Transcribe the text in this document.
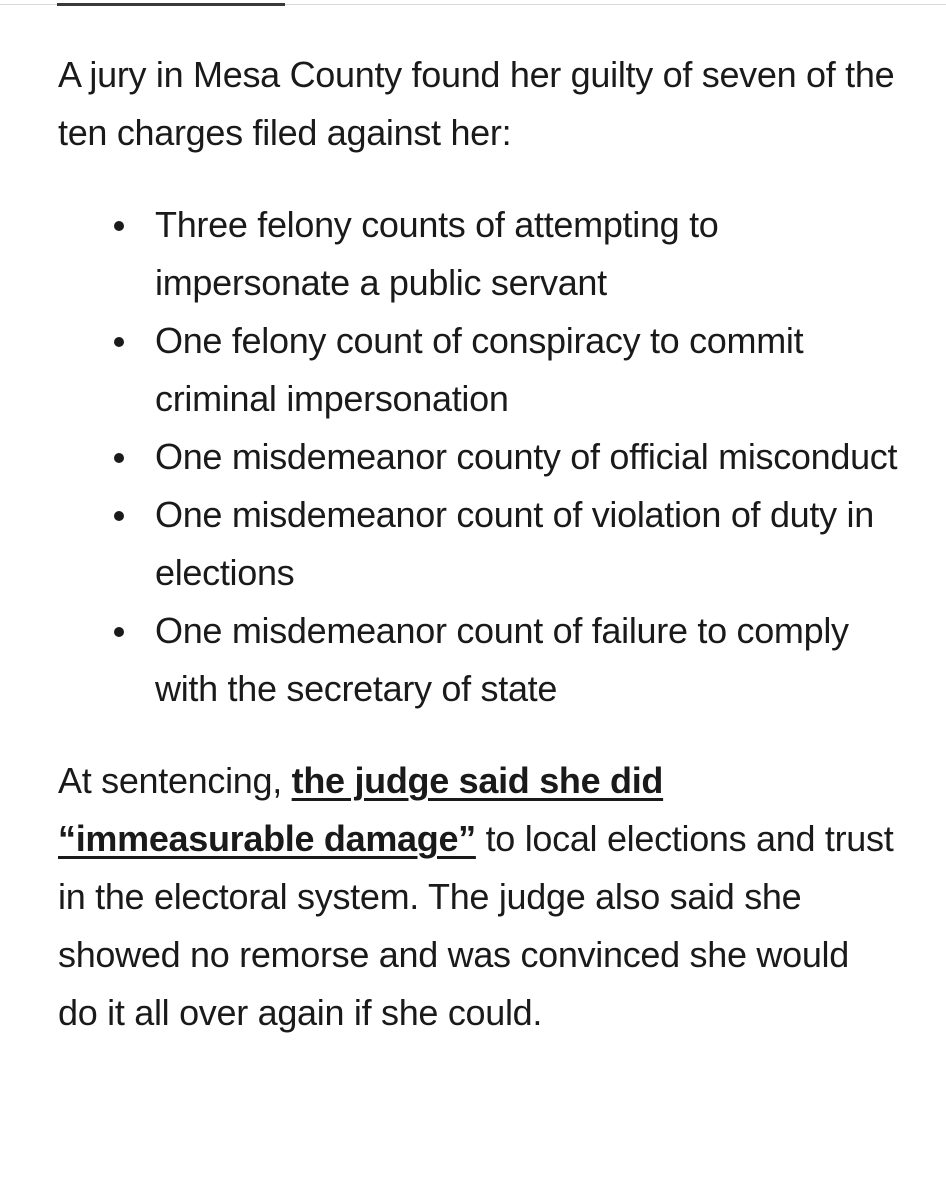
A jury in Mesa County found her guilty of seven of the ten charges filed against her:

Three felony counts of attempting to impersonate a public servant
One felony count of conspiracy to commit criminal impersonation
One misdemeanor county of official misconduct
One misdemeanor count of violation of duty in elections
One misdemeanor count of failure to comply with the secretary of state

At sentencing, the judge said she did “immeasurable damage” to local elections and trust in the electoral system. The judge also said she showed no remorse and was convinced she would do it all over again if she could.
